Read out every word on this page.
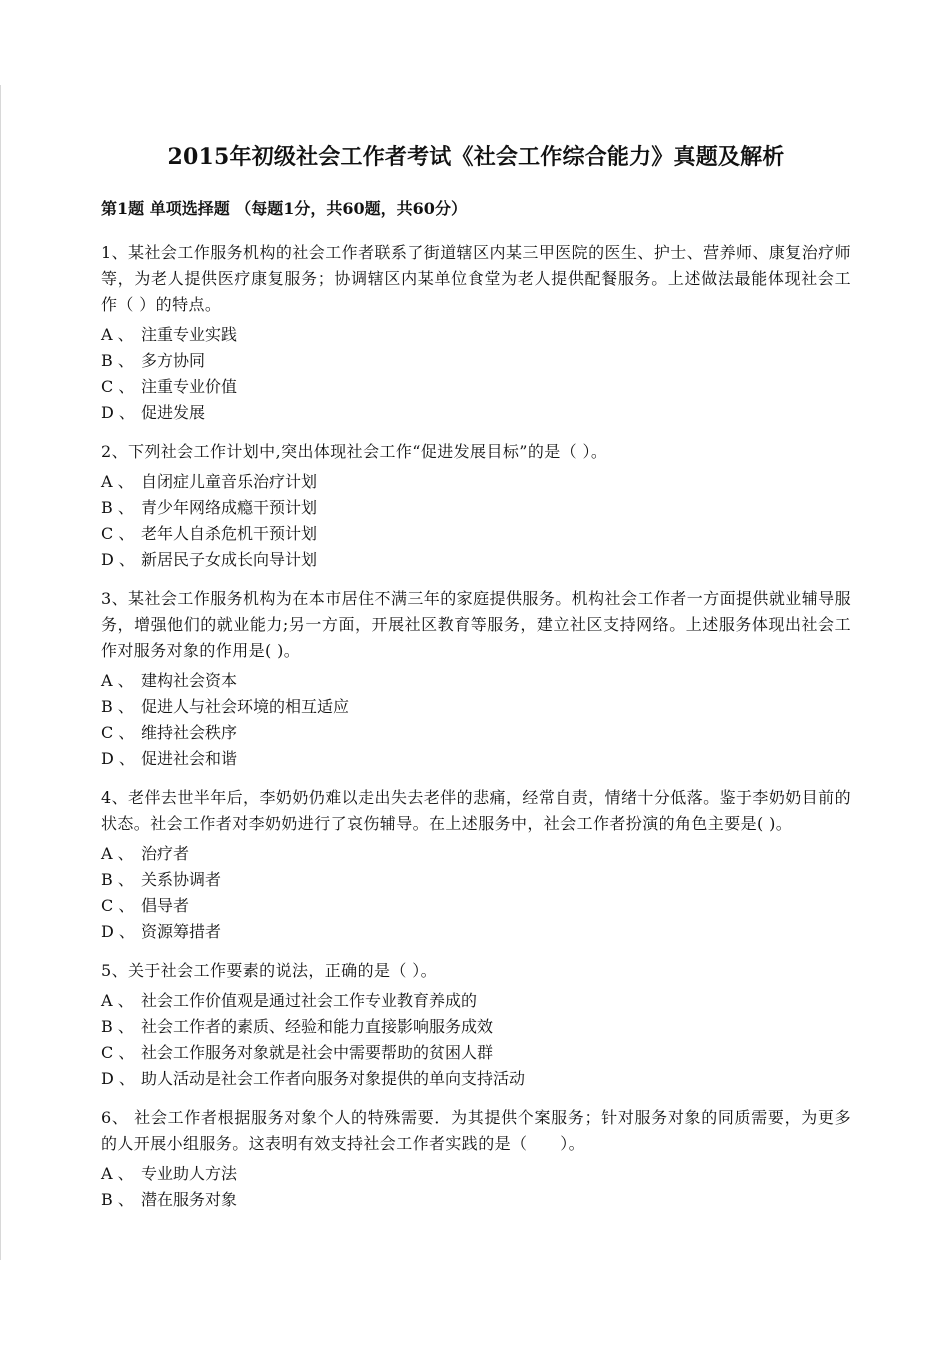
2015年初级社会工作者考试《社会工作综合能力》真题及解析
第1题 单项选择题 （每题1分，共60题，共60分）

1、某社会工作服务机构的社会工作者联系了街道辖区内某三甲医院的医生、护士、营养师、康复治疗师等，为老人提供医疗康复服务；协调辖区内某单位食堂为老人提供配餐服务。上述做法最能体现社会工作（ ）的特点。

A 、 注重专业实践
B 、 多方协同
C 、 注重专业价值
D 、 促进发展

2、下列社会工作计划中,突出体现社会工作“促进发展目标”的是（ ）。

A 、 自闭症儿童音乐治疗计划
B 、 青少年网络成瘾干预计划
C 、 老年人自杀危机干预计划
D 、 新居民子女成长向导计划

3、某社会工作服务机构为在本市居住不满三年的家庭提供服务。机构社会工作者一方面提供就业辅导服务，增强他们的就业能力;另一方面，开展社区教育等服务，建立社区支持网络。上述服务体现出社会工作对服务对象的作用是( )。

A 、 建构社会资本
B 、 促进人与社会环境的相互适应
C 、 维持社会秩序
D 、 促进社会和谐

4、老伴去世半年后，李奶奶仍难以走出失去老伴的悲痛，经常自责，情绪十分低落。鉴于李奶奶目前的状态。社会工作者对李奶奶进行了哀伤辅导。在上述服务中，社会工作者扮演的角色主要是( )。

A 、 治疗者
B 、 关系协调者
C 、 倡导者
D 、 资源筹措者

5、关于社会工作要素的说法，正确的是（ ）。

A 、 社会工作价值观是通过社会工作专业教育养成的
B 、 社会工作者的素质、经验和能力直接影响服务成效
C 、 社会工作服务对象就是社会中需要帮助的贫困人群
D 、 助人活动是社会工作者向服务对象提供的单向支持活动

6、 社会工作者根据服务对象个人的特殊需要．为其提供个案服务；针对服务对象的同质需要，为更多的人开展小组服务。这表明有效支持社会工作者实践的是（　　）。

A 、 专业助人方法
B 、 潜在服务对象
